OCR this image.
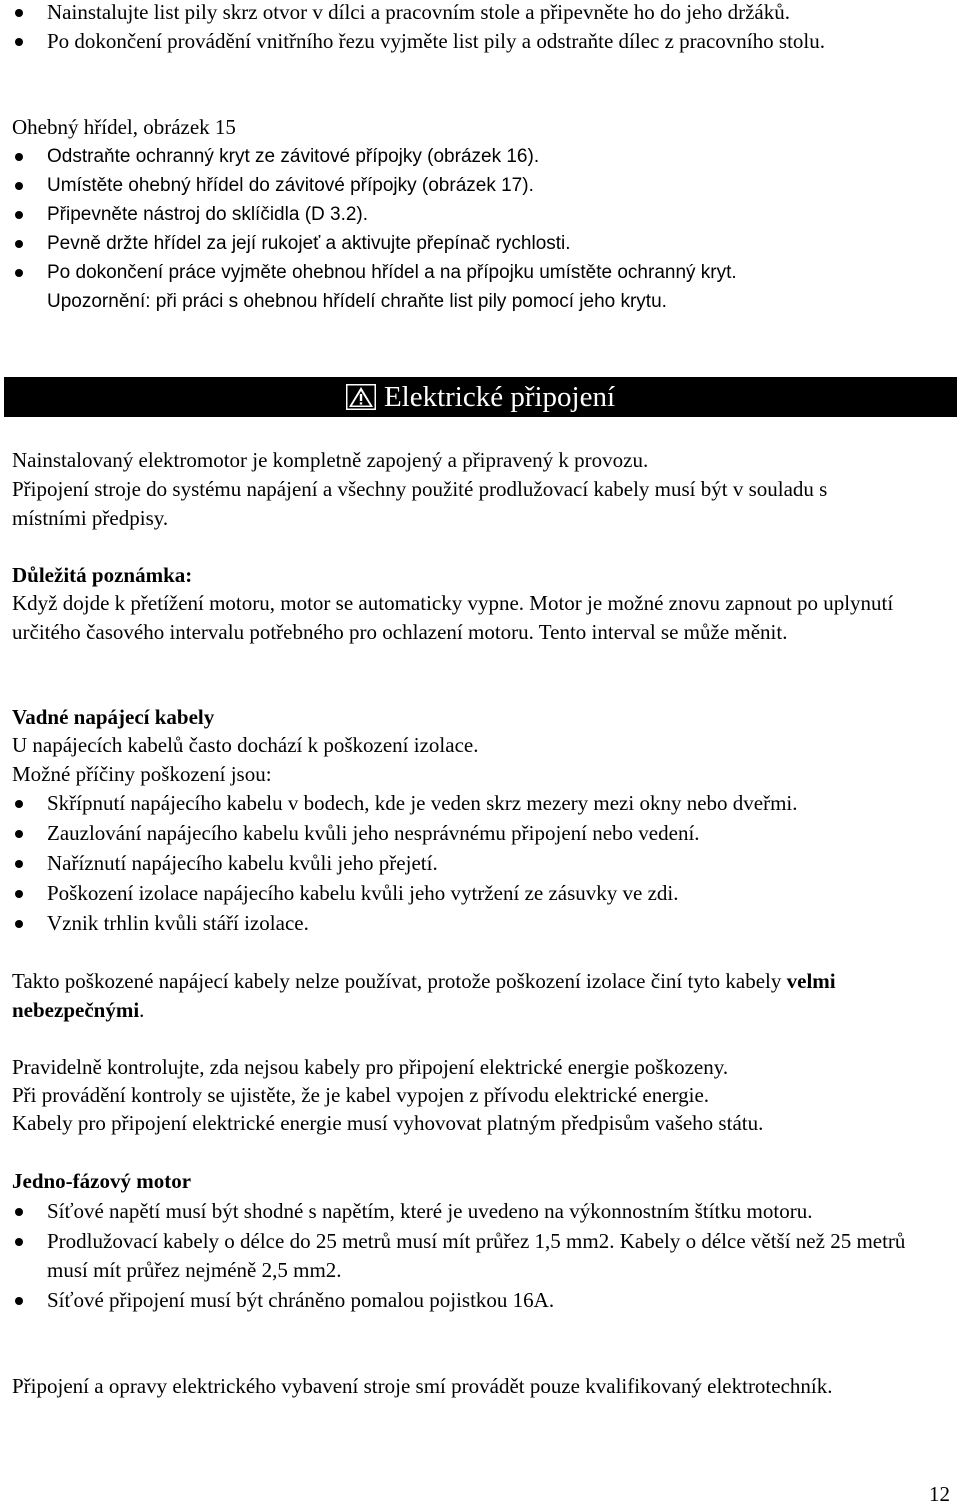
Nainstalujte list pily skrz otvor v dílci a pracovním stole a připevněte ho do jeho držáků.
Po dokončení provádění vnitřního řezu vyjměte list pily a odstraňte dílec z pracovního stolu.

Ohebný hřídel, obrázek 15

Odstraňte ochranný kryt ze závitové přípojky (obrázek 16).
Umístěte ohebný hřídel do závitové přípojky (obrázek 17).
Připevněte nástroj do sklíčidla (D 3.2).
Pevně držte hřídel za její rukojeť a aktivujte přepínač rychlosti.
Po dokončení práce vyjměte ohebnou hřídel a na přípojku umístěte ochranný kryt.
Upozornění: při práci s ohebnou hřídelí chraňte list pily pomocí jeho krytu.
Elektrické připojení

Nainstalovaný elektromotor je kompletně zapojený a připravený k provozu.

Připojení stroje do systému napájení a všechny použité prodlužovací kabely musí být v souladu s místními předpisy.

Důležitá poznámka:

Když dojde k přetížení motoru, motor se automaticky vypne. Motor je možné znovu zapnout po uplynutí určitého časového intervalu potřebného pro ochlazení motoru. Tento interval se může měnit.

Vadné napájecí kabely

U napájecích kabelů často dochází k poškození izolace.

Možné příčiny poškození jsou:

Skřípnutí napájecího kabelu v bodech, kde je veden skrz mezery mezi okny nebo dveřmi.
Zauzlování napájecího kabelu kvůli jeho nesprávnému připojení nebo vedení.
Naříznutí napájecího kabelu kvůli jeho přejetí.
Poškození izolace napájecího kabelu kvůli jeho vytržení ze zásuvky ve zdi.
Vznik trhlin kvůli stáří izolace.

Takto poškozené napájecí kabely nelze používat, protože poškození izolace činí tyto kabely velmi nebezpečnými.

Pravidelně kontrolujte, zda nejsou kabely pro připojení elektrické energie poškozeny.

Při provádění kontroly se ujistěte, že je kabel vypojen z přívodu elektrické energie.

Kabely pro připojení elektrické energie musí vyhovovat platným předpisům vašeho státu.

Jedno-fázový motor

Síťové napětí musí být shodné s napětím, které je uvedeno na výkonnostním štítku motoru.
Prodlužovací kabely o délce do 25 metrů musí mít průřez 1,5 mm2. Kabely o délce větší než 25 metrů musí mít průřez nejméně 2,5 mm2.
Síťové připojení musí být chráněno pomalou pojistkou 16A.

Připojení a opravy elektrického vybavení stroje smí provádět pouze kvalifikovaný elektrotechník.

12
